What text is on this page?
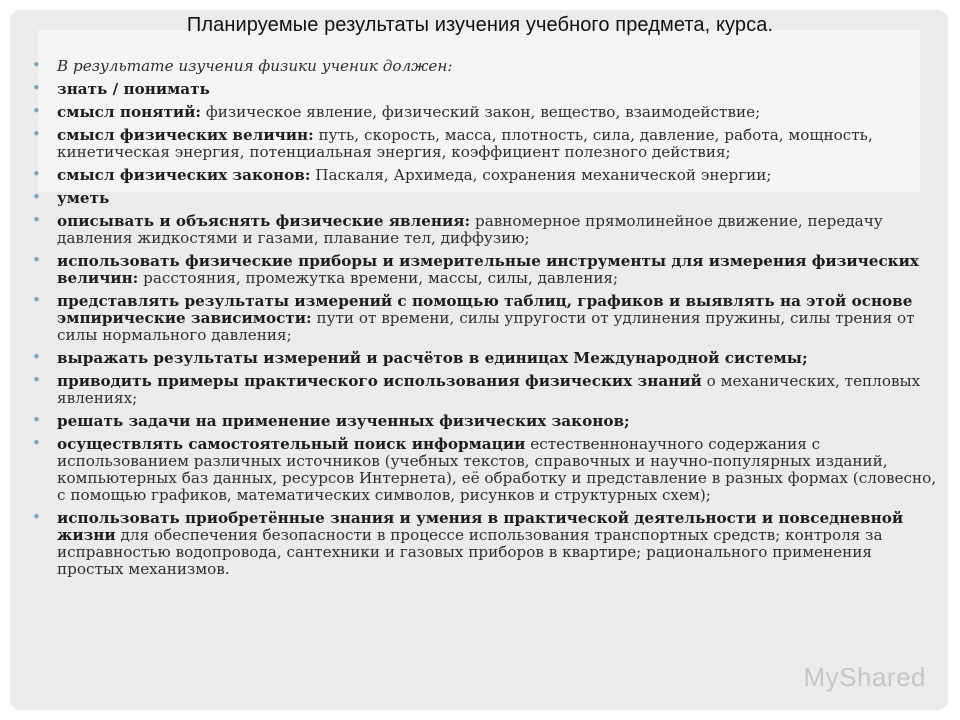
Планируемые результаты изучения учебного предмета, курса.
• В результате изучения физики ученик должен:
• знать / понимать
• смысл понятий: физическое явление, физический закон, вещество, взаимодействие;
• смысл физических величин: путь, скорость, масса, плотность, сила, давление, работа, мощность, кинетическая энергия, потенциальная энергия, коэффициент полезного действия;
• смысл физических законов: Паскаля, Архимеда, сохранения механической энергии;
• уметь
• описывать и объяснять физические явления: равномерное прямолинейное движение, передачу давления жидкостями и газами, плавание тел, диффузию;
• использовать физические приборы и измерительные инструменты для измерения физических величин: расстояния, промежутка времени, массы, силы, давления;
• представлять результаты измерений с помощью таблиц, графиков и выявлять на этой основе эмпирические зависимости: пути от времени, силы упругости от удлинения пружины, силы трения от силы нормального давления;
• выражать результаты измерений и расчётов в единицах Международной системы;
• приводить примеры практического использования физических знаний о механических, тепловых явлениях;
• решать задачи на применение изученных физических законов;
• осуществлять самостоятельный поиск информации естественнонаучного содержания с использованием различных источников (учебных текстов, справочных и научно-популярных изданий, компьютерных баз данных, ресурсов Интернета), её обработку и представление в разных формах (словесно, с помощью графиков, математических символов, рисунков и структурных схем);
• использовать приобретённые знания и умения в практической деятельности и повседневной жизни для обеспечения безопасности в процессе использования транспортных средств; контроля за исправностью водопровода, сантехники и газовых приборов в квартире; рационального применения простых механизмов.
MyShared
